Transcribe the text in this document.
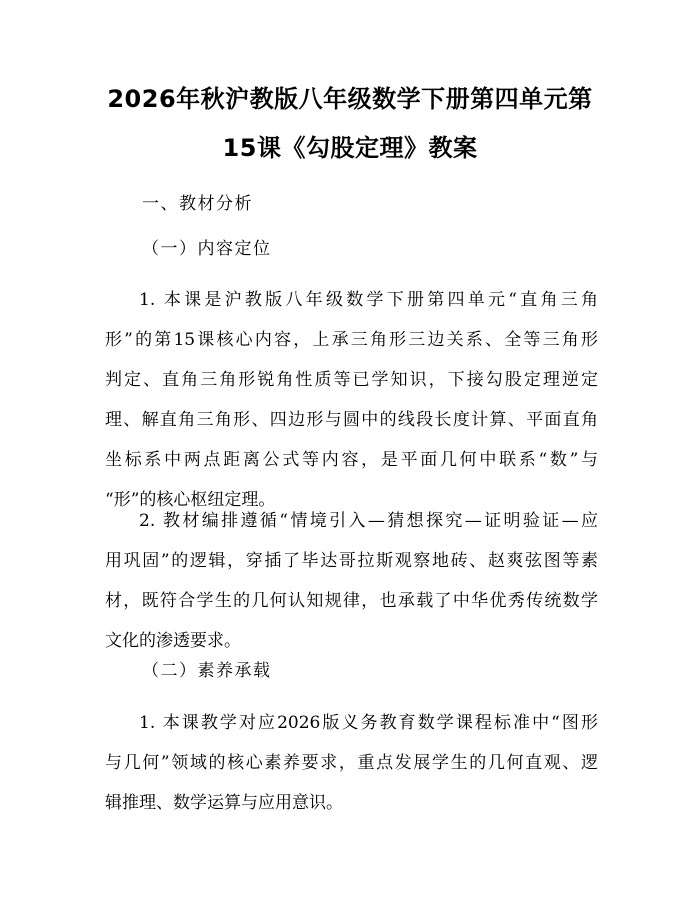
2026年秋沪教版八年级数学下册第四单元第
15课《勾股定理》教案
一、教材分析
（一）内容定位
1. 本课是沪教版八年级数学下册第四单元“直角三角
形”的第15课核心内容，上承三角形三边关系、全等三角形
判定、直角三角形锐角性质等已学知识，下接勾股定理逆定
理、解直角三角形、四边形与圆中的线段长度计算、平面直角
坐标系中两点距离公式等内容，是平面几何中联系“数”与
“形”的核心枢纽定理。
2. 教材编排遵循“情境引入—猜想探究—证明验证—应
用巩固”的逻辑，穿插了毕达哥拉斯观察地砖、赵爽弦图等素
材，既符合学生的几何认知规律，也承载了中华优秀传统数学
文化的渗透要求。
（二）素养承载
1. 本课教学对应2026版义务教育数学课程标准中“图形
与几何”领域的核心素养要求，重点发展学生的几何直观、逻
辑推理、数学运算与应用意识。
